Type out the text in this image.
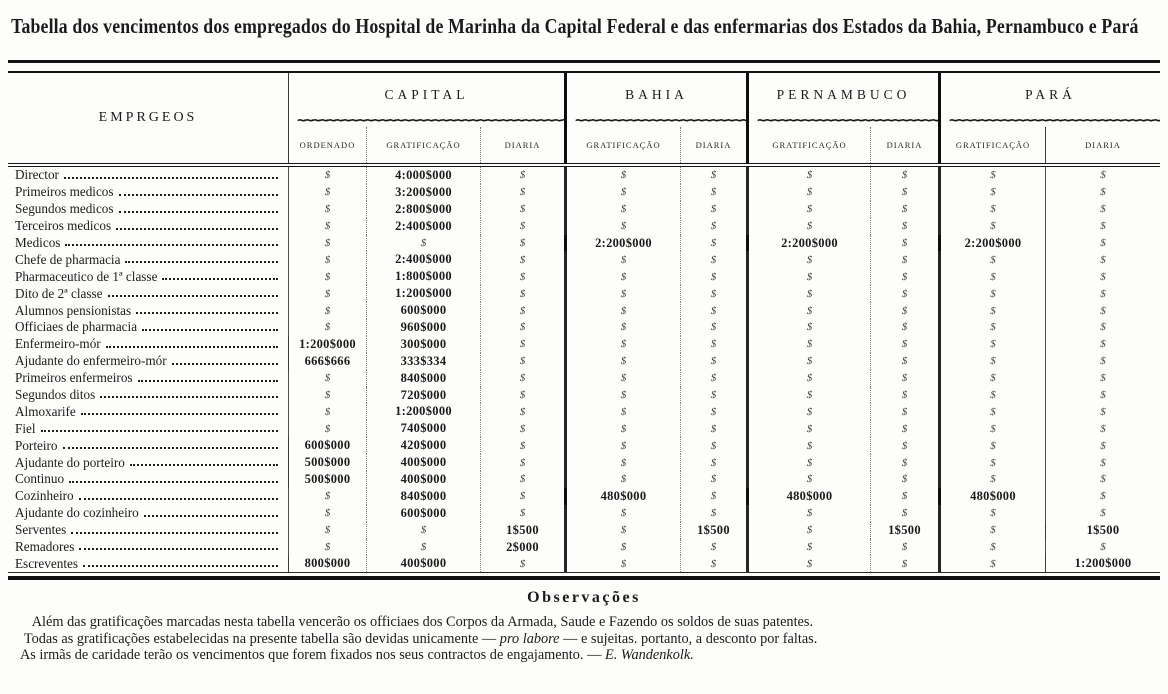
Tabella dos vencimentos dos empregados do Hospital de Marinha da Capital Federal e das enfermarias dos Estados da Bahia, Pernambuco e Pará
EMPRGEOS
CAPITAL	BAHIA	PERNAMBUCO	PARÁ
~~~~~
~~~~~
~~~~~
~~~~~
ORDENADO	GRATIFICAÇÃO	DIARIA	GRATIFICAÇÃO	DIARIA	GRATIFICAÇÃO	DIARIA	GRATIFICAÇÃO	DIARIA
Director	$	4:000$000	$	$	$	$	$	$	$
Primeiros medicos	$	3:200$000	$	$	$	$	$	$	$
Segundos medicos	$	2:800$000	$	$	$	$	$	$	$
Terceiros medicos	$	2:400$000	$	$	$	$	$	$	$
Medicos	$	$	$	2:200$000	$	2:200$000	$	2:200$000	$
Chefe de pharmacia	$	2:400$000	$	$	$	$	$	$	$
Pharmaceutico de 1ª classe	$	1:800$000	$	$	$	$	$	$	$
Dito de 2ª classe	$	1:200$000	$	$	$	$	$	$	$
Alumnos pensionistas	$	600$000	$	$	$	$	$	$	$
Officiaes de pharmacia	$	960$000	$	$	$	$	$	$	$
Enfermeiro-mór	1:200$000	300$000	$	$	$	$	$	$	$
Ajudante do enfermeiro-mór	666$666	333$334	$	$	$	$	$	$	$
Primeiros enfermeiros	$	840$000	$	$	$	$	$	$	$
Segundos ditos	$	720$000	$	$	$	$	$	$	$
Almoxarife	$	1:200$000	$	$	$	$	$	$	$
Fiel	$	740$000	$	$	$	$	$	$	$
Porteiro	600$000	420$000	$	$	$	$	$	$	$
Ajudante do porteiro	500$000	400$000	$	$	$	$	$	$	$
Continuo	500$000	400$000	$	$	$	$	$	$	$
Cozinheiro	$	840$000	$	480$000	$	480$000	$	480$000	$
Ajudante do cozinheiro	$	600$000	$	$	$	$	$	$	$
Serventes	$	$	1$500	$	1$500	$	1$500	$	1$500
Remadores	$	$	2$000	$	$	$	$	$	$
Escreventes	800$000	400$000	$	$	$	$	$	$	1:200$000
Observações
Além das gratificações marcadas nesta tabella vencerão os officiaes dos Corpos da Armada, Saude e Fazendo os soldos de suas patentes.
Todas as gratificações estabelecidas na presente tabella são devidas unicamente — pro labore — e sujeitas. portanto, a desconto por faltas.
As irmãs de caridade terão os vencimentos que forem fixados nos seus contractos de engajamento. — E. Wandenkolk.
